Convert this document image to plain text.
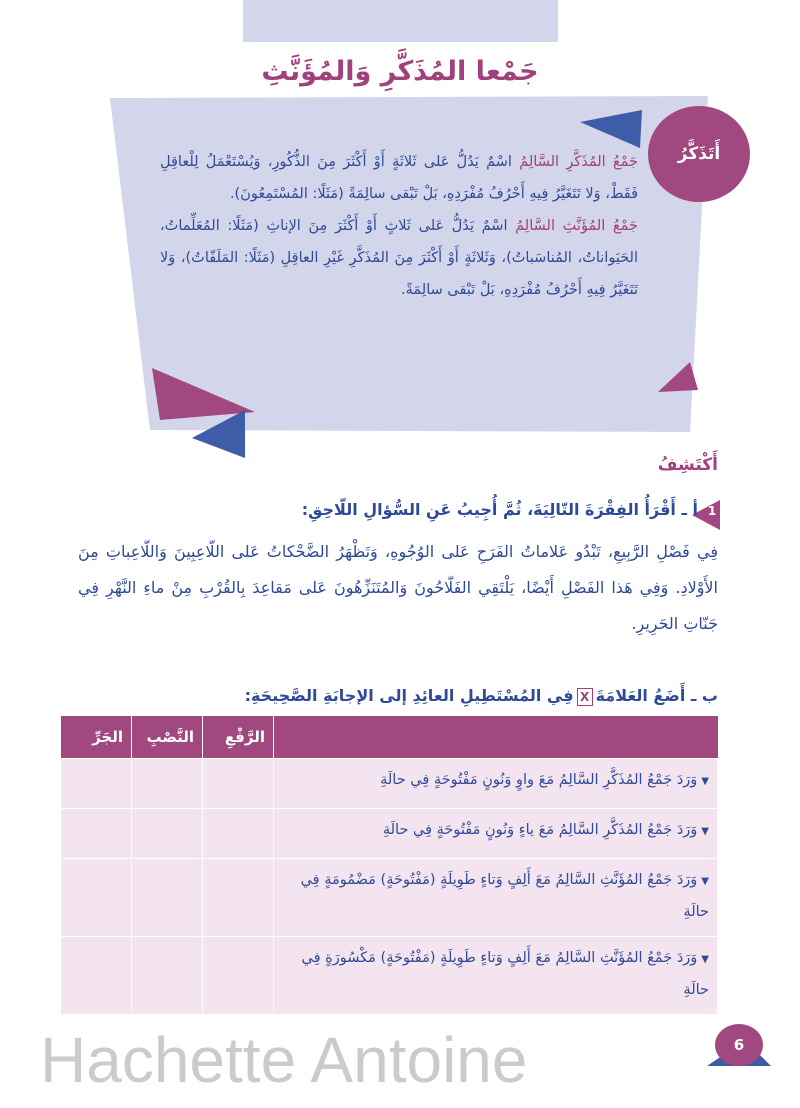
جَمْعا المُذَكَّرِ وَالمُؤَنَّثِ
أَتَذَكَّرُ

جَمْعُ المُذَكَّرِ السَّالِمُ اسْمٌ يَدُلُّ عَلى ثَلاثَةٍ أَوْ أَكْثَرَ مِنَ الذُّكُورِ، وَيُسْتَعْمَلُ لِلْعاقِلِ فَقَطْ، وَلا تَتَغَيَّرُ فِيهِ أَحْرُفُ مُفْرَدِهِ، بَلْ تَبْقى سالِمَةً (مَثَلًا: المُسْتَمِعُونَ).

جَمْعُ المُؤَنَّثِ السَّالِمُ اسْمٌ يَدُلُّ عَلى ثَلاثٍ أَوْ أَكْثَرَ مِنَ الإناثِ (مَثَلًا: المُعَلِّماتُ، الحَيَواناتُ، المُناسَباتُ)، وَثَلاثَةٍ أَوْ أَكْثَرَ مِنَ المُذَكَّرِ غَيْرِ العاقِلِ (مَثَلًا: المَلَفّاتُ)، وَلا تَتَغَيَّرُ فِيهِ أَحْرُفُ مُفْرَدِهِ، بَلْ تَبْقى سالِمَةً.

أَكْتَشِفُ
1
أ ـ أَقْرَأُ الفِقْرَةَ التّالِيَةَ، ثُمَّ أُجِيبُ عَنِ السُّؤالِ اللّاحِقِ:

فِي فَصْلِ الرَّبِيعِ، تَبْدُو عَلاماتُ الفَرَحِ عَلى الوُجُوهِ، وَتَظْهَرُ الضَّحْكاتُ عَلى اللّاعِبِينَ وَاللّاعِباتِ مِنَ الأَوْلادِ. وَفِي هَذا الفَصْلِ أَيْضًا، يَلْتَقِي الفَلّاحُونَ وَالمُتَنَزِّهُونَ عَلى مَقاعِدَ بِالقُرْبِ مِنْ ماءِ النَّهْرِ فِي جَنّاتِ الحَرِيرِ.

ب ـ أَضَعُ العَلامَةَXفِي المُسْتَطِيلِ العائِدِ إلى الإجابَةِ الصَّحِيحَةِ:
	الرَّفْعِ	النَّصْبِ	الجَرِّ
▼وَرَدَ جَمْعُ المُذَكَّرِ السَّالِمُ مَعَ واوٍ وَنُونٍ مَفْتُوحَةٍ فِي حالَةِ			
▼وَرَدَ جَمْعُ المُذَكَّرِ السَّالِمُ مَعَ ياءٍ وَنُونٍ مَفْتُوحَةٍ فِي حالَةِ			
▼وَرَدَ جَمْعُ المُؤَنَّثِ السَّالِمُ مَعَ أَلِفٍ وَتاءٍ طَوِيلَةٍ (مَفْتُوحَةٍ) مَضْمُومَةٍ فِي حالَةِ			
▼وَرَدَ جَمْعُ المُؤَنَّثِ السَّالِمُ مَعَ أَلِفٍ وَتاءٍ طَوِيلَةٍ (مَفْتُوحَةٍ) مَكْسُورَةٍ فِي حالَةِ			
Hachette Antoine	6
